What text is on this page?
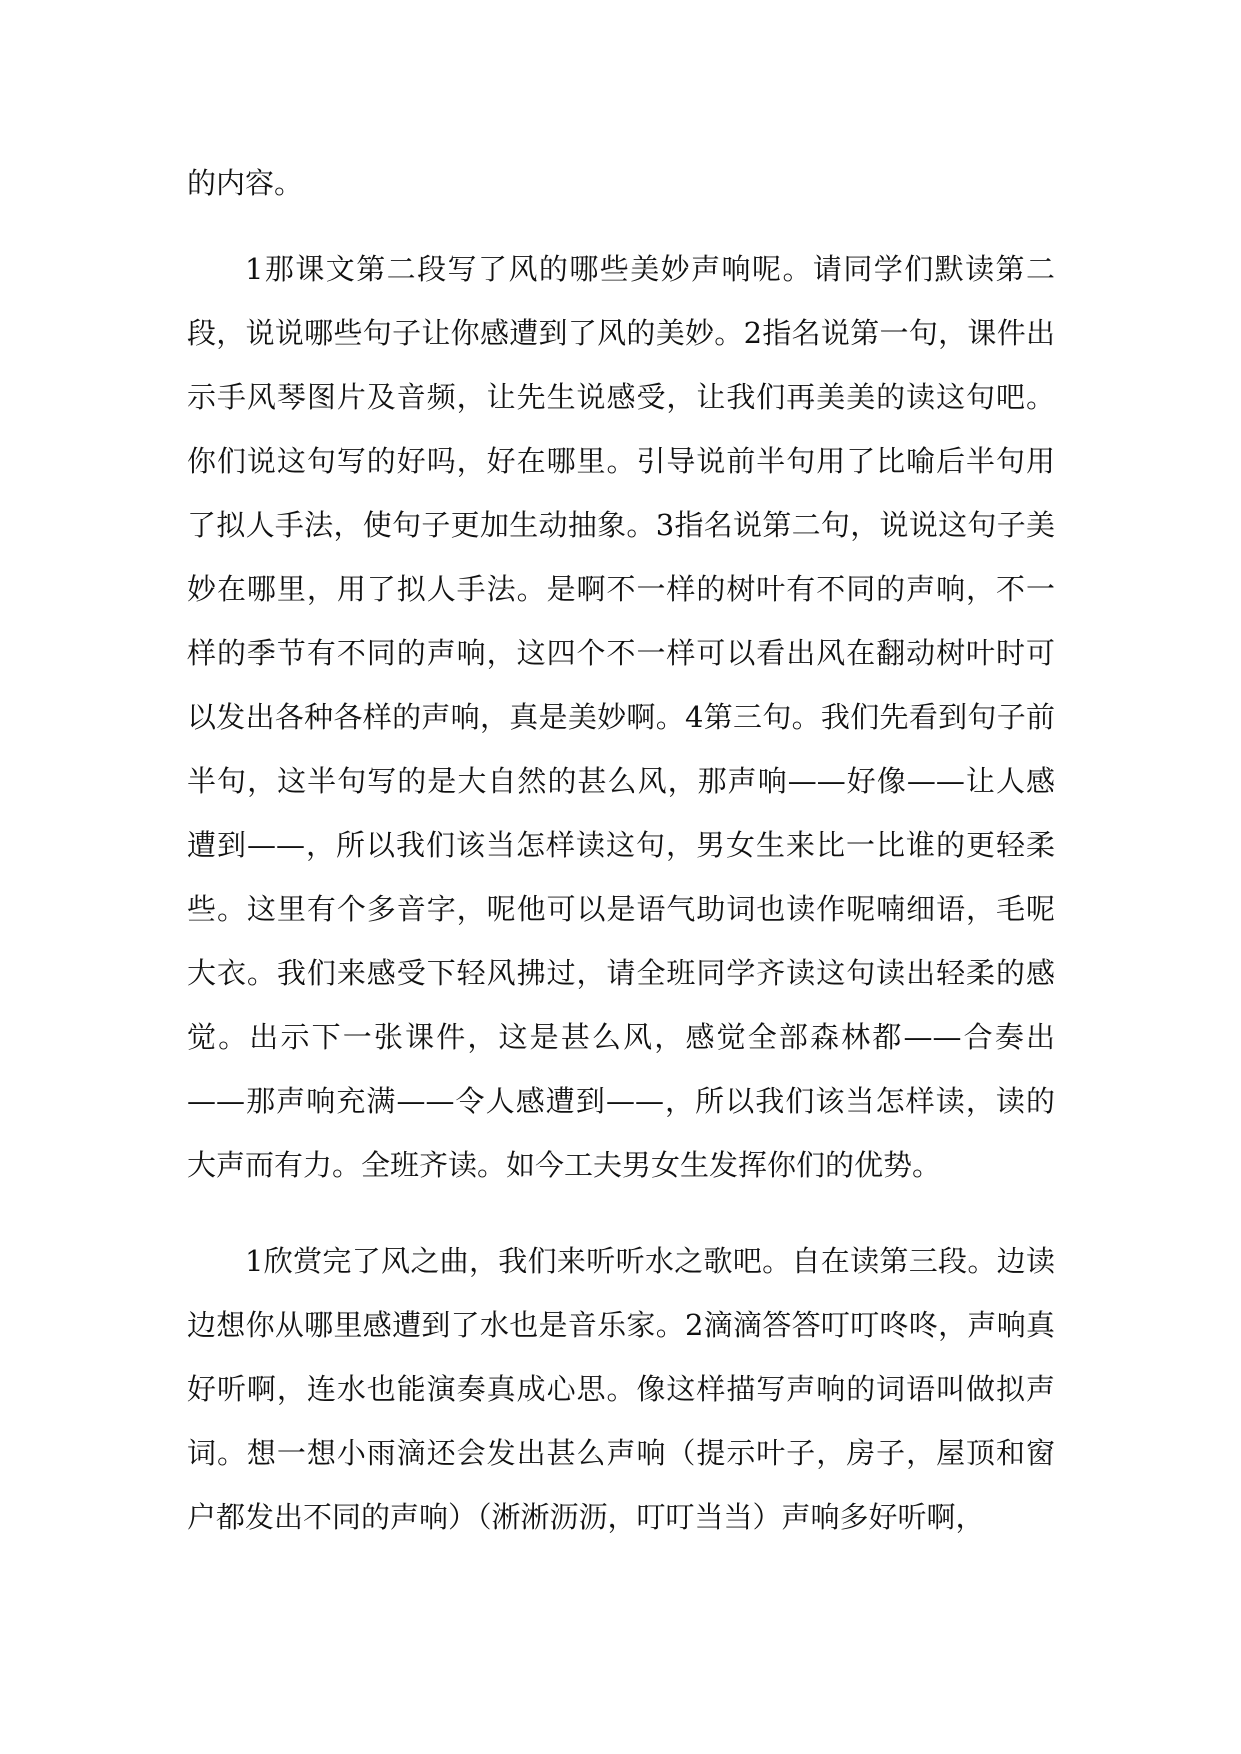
的内容。

1那课文第二段写了风的哪些美妙声响呢。请同学们默读第二段，说说哪些句子让你感遭到了风的美妙。2指名说第一句，课件出示手风琴图片及音频，让先生说感受，让我们再美美的读这句吧。你们说这句写的好吗，好在哪里。引导说前半句用了比喻后半句用了拟人手法，使句子更加生动抽象。3指名说第二句，说说这句子美妙在哪里，用了拟人手法。是啊不一样的树叶有不同的声响，不一样的季节有不同的声响，这四个不一样可以看出风在翻动树叶时可以发出各种各样的声响，真是美妙啊。4第三句。我们先看到句子前半句，这半句写的是大自然的甚么风，那声响——好像——让人感遭到——，所以我们该当怎样读这句，男女生来比一比谁的更轻柔些。这里有个多音字，呢他可以是语气助词也读作呢喃细语，毛呢大衣。我们来感受下轻风拂过，请全班同学齐读这句读出轻柔的感觉。出示下一张课件，这是甚么风，感觉全部森林都——合奏出——那声响充满——令人感遭到——，所以我们该当怎样读，读的大声而有力。全班齐读。如今工夫男女生发挥你们的优势。

1欣赏完了风之曲，我们来听听水之歌吧。自在读第三段。边读边想你从哪里感遭到了水也是音乐家。2滴滴答答叮叮咚咚，声响真好听啊，连水也能演奏真成心思。像这样描写声响的词语叫做拟声词。想一想小雨滴还会发出甚么声响（提示叶子，房子，屋顶和窗户都发出不同的声响）（淅淅沥沥，叮叮当当）声响多好听啊，
